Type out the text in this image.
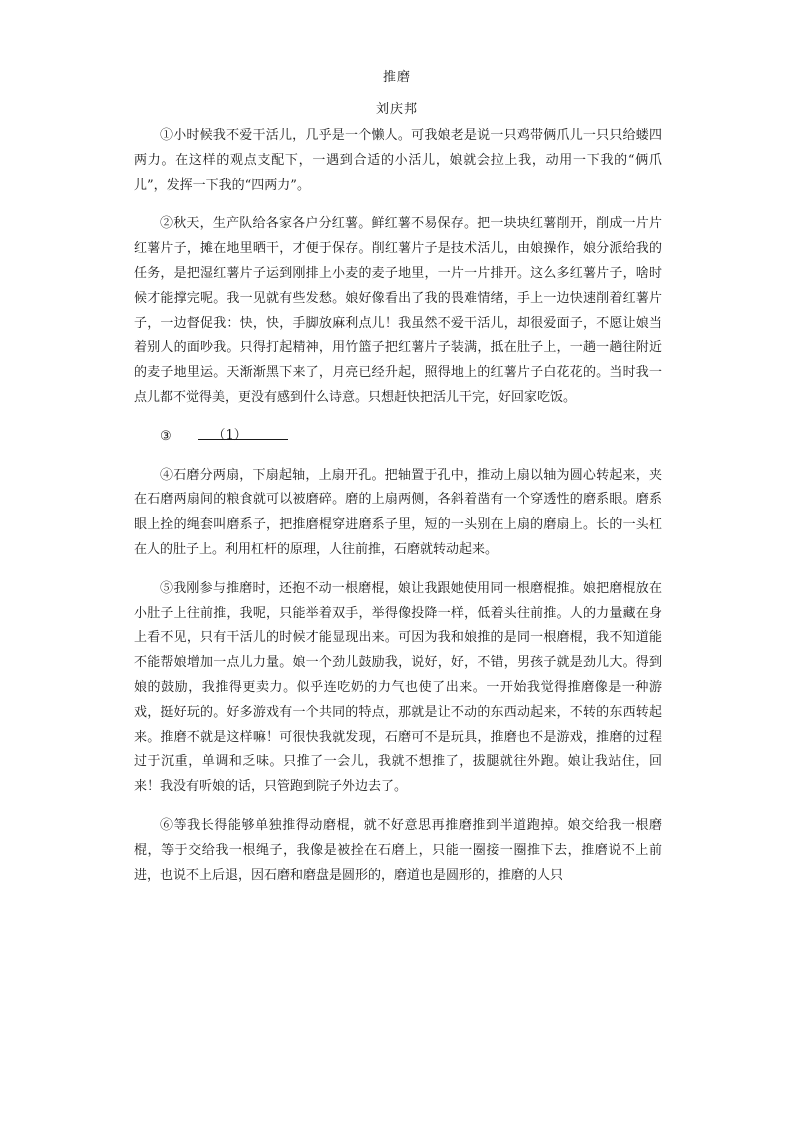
推磨
刘庆邦

①小时候我不爱干活儿，几乎是一个懒人。可我娘老是说一只鸡带俩爪儿一只只给蝼四两力。在这样的观点支配下，一遇到合适的小活儿，娘就会拉上我，动用一下我的“俩爪儿”，发挥一下我的“四两力”。

②秋天，生产队给各家各户分红薯。鲜红薯不易保存。把一块块红薯削开，削成一片片红薯片子，摊在地里晒干，才便于保存。削红薯片子是技术活儿，由娘操作，娘分派给我的任务，是把湿红薯片子运到刚排上小麦的麦子地里，一片一片排开。这么多红薯片子，啥时候才能撑完呢。我一见就有些发愁。娘好像看出了我的畏难情绪，手上一边快速削着红薯片子，一边督促我：快，快，手脚放麻利点儿！我虽然不爱干活儿，却很爱面子，不愿让娘当着别人的面吵我。只得打起精神，用竹篮子把红薯片子装满，抵在肚子上，一趟一趟往附近的麦子地里运。天渐渐黑下来了，月亮已经升起，照得地上的红薯片子白花花的。当时我一点儿都不觉得美，更没有感到什么诗意。只想赶快把活儿干完，好回家吃饭。

③	（1）

④石磨分两扇，下扇起轴，上扇开孔。把轴置于孔中，推动上扇以轴为圆心转起来，夹在石磨两扇间的粮食就可以被磨碎。磨的上扇两侧，各斜着凿有一个穿透性的磨系眼。磨系眼上拴的绳套叫磨系子，把推磨棍穿进磨系子里，短的一头别在上扇的磨扇上。长的一头杠在人的肚子上。利用杠杆的原理，人往前推，石磨就转动起来。

⑤我刚参与推磨时，还抱不动一根磨棍，娘让我跟她使用同一根磨棍推。娘把磨棍放在小肚子上往前推，我呢，只能举着双手，举得像投降一样，低着头往前推。人的力量藏在身上看不见，只有干活儿的时候才能显现出来。可因为我和娘推的是同一根磨棍，我不知道能不能帮娘增加一点儿力量。娘一个劲儿鼓励我，说好，好，不错，男孩子就是劲儿大。得到娘的鼓励，我推得更卖力。似乎连吃奶的力气也使了出来。一开始我觉得推磨像是一种游戏，挺好玩的。好多游戏有一个共同的特点，那就是让不动的东西动起来，不转的东西转起来。推磨不就是这样嘛！可很快我就发现，石磨可不是玩具，推磨也不是游戏，推磨的过程过于沉重，单调和乏味。只推了一会儿，我就不想推了，拔腿就往外跑。娘让我站住，回来！我没有听娘的话，只管跑到院子外边去了。

⑥等我长得能够单独推得动磨棍，就不好意思再推磨推到半道跑掉。娘交给我一根磨棍，等于交给我一根绳子，我像是被拴在石磨上，只能一圈接一圈推下去，推磨说不上前进，也说不上后退，因石磨和磨盘是圆形的，磨道也是圆形的，推磨的人只
